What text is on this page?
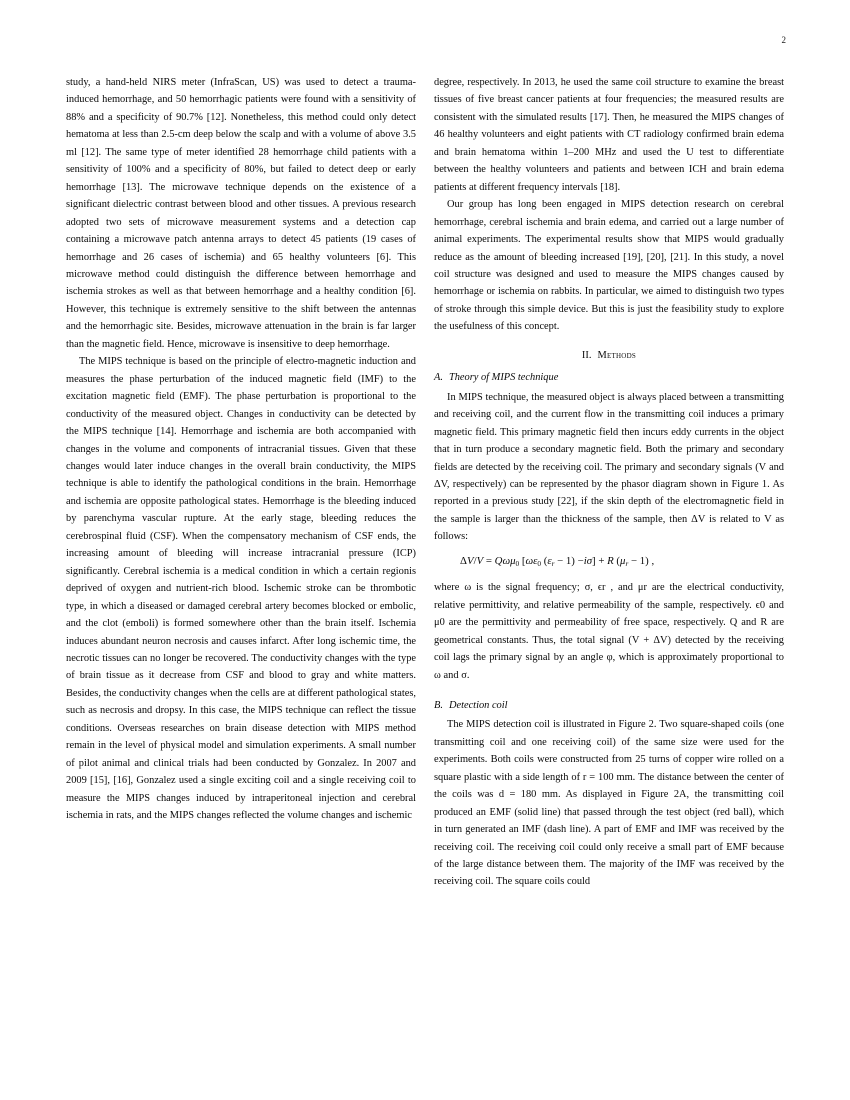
2

study, a hand-held NIRS meter (InfraScan, US) was used to detect a trauma-induced hemorrhage, and 50 hemorrhagic patients were found with a sensitivity of 88% and a specificity of 90.7% [12]. Nonetheless, this method could only detect hematoma at less than 2.5-cm deep below the scalp and with a volume of above 3.5 ml [12]. The same type of meter identified 28 hemorrhage child patients with a sensitivity of 100% and a specificity of 80%, but failed to detect deep or early hemorrhage [13]. The microwave technique depends on the existence of a significant dielectric contrast between blood and other tissues. A previous research adopted two sets of microwave measurement systems and a detection cap containing a microwave patch antenna arrays to detect 45 patients (19 cases of hemorrhage and 26 cases of ischemia) and 65 healthy volunteers [6]. This microwave method could distinguish the difference between hemorrhage and ischemia strokes as well as that between hemorrhage and a healthy condition [6]. However, this technique is extremely sensitive to the shift between the antennas and the hemorrhagic site. Besides, microwave attenuation in the brain is far larger than the magnetic field. Hence, microwave is insensitive to deep hemorrhage.

The MIPS technique is based on the principle of electro-magnetic induction and measures the phase perturbation of the induced magnetic field (IMF) to the excitation magnetic field (EMF). The phase perturbation is proportional to the conductivity of the measured object. Changes in conductivity can be detected by the MIPS technique [14]. Hemorrhage and ischemia are both accompanied with changes in the volume and components of intracranial tissues. Given that these changes would later induce changes in the overall brain conductivity, the MIPS technique is able to identify the pathological conditions in the brain. Hemorrhage and ischemia are opposite pathological states. Hemorrhage is the bleeding induced by parenchyma vascular rupture. At the early stage, bleeding reduces the cerebrospinal fluid (CSF). When the compensatory mechanism of CSF ends, the increasing amount of bleeding will increase intracranial pressure (ICP) significantly. Cerebral ischemia is a medical condition in which a certain regionis deprived of oxygen and nutrient-rich blood. Ischemic stroke can be thrombotic type, in which a diseased or damaged cerebral artery becomes blocked or embolic, and the clot (emboli) is formed somewhere other than the brain itself. Ischemia induces abundant neuron necrosis and causes infarct. After long ischemic time, the necrotic tissues can no longer be recovered. The conductivity changes with the type of brain tissue as it decrease from CSF and blood to gray and white matters. Besides, the conductivity changes when the cells are at different pathological states, such as necrosis and dropsy. In this case, the MIPS technique can reflect the tissue conditions. Overseas researches on brain disease detection with MIPS method remain in the level of physical model and simulation experiments. A small number of pilot animal and clinical trials had been conducted by Gonzalez. In 2007 and 2009 [15], [16], Gonzalez used a single exciting coil and a single receiving coil to measure the MIPS changes induced by intraperitoneal injection and cerebral ischemia in rats, and the MIPS changes reflected the volume changes and ischemic

degree, respectively. In 2013, he used the same coil structure to examine the breast tissues of five breast cancer patients at four frequencies; the measured results are consistent with the simulated results [17]. Then, he measured the MIPS changes of 46 healthy volunteers and eight patients with CT radiology confirmed brain edema and brain hematoma within 1–200 MHz and used the U test to differentiate between the healthy volunteers and patients and between ICH and brain edema patients at different frequency intervals [18].

Our group has long been engaged in MIPS detection research on cerebral hemorrhage, cerebral ischemia and brain edema, and carried out a large number of animal experiments. The experimental results show that MIPS would gradually reduce as the amount of bleeding increased [19], [20], [21]. In this study, a novel coil structure was designed and used to measure the MIPS changes caused by hemorrhage or ischemia on rabbits. In particular, we aimed to distinguish two types of stroke through this simple device. But this is just the feasibility study to explore the usefulness of this concept.

II. Methods

A. Theory of MIPS technique

In MIPS technique, the measured object is always placed between a transmitting and receiving coil, and the current flow in the transmitting coil induces a primary magnetic field. This primary magnetic field then incurs eddy currents in the object that in turn produce a secondary magnetic field. Both the primary and secondary fields are detected by the receiving coil. The primary and secondary signals (V and ΔV, respectively) can be represented by the phasor diagram shown in Figure 1. As reported in a previous study [22], if the skin depth of the electromagnetic field in the sample is larger than the thickness of the sample, then ΔV is related to V as follows:

ΔV/V = Qωμ$_0$ [$\omega\varepsilon_0$ $(\varepsilon_r - 1) -i\sigma] + R$ $(\mu_r - 1)$ ,

where ω is the signal frequency; σ, ϵr , and μr are the electrical conductivity, relative permittivity, and relative permeability of the sample, respectively. ϵ0 and μ0 are the permittivity and permeability of free space, respectively. Q and R are geometrical constants. Thus, the total signal (V + ΔV) detected by the receiving coil lags the primary signal by an angle φ, which is approximately proportional to ω and σ.

B. Detection coil

The MIPS detection coil is illustrated in Figure 2. Two square-shaped coils (one transmitting coil and one receiving coil) of the same size were used for the experiments. Both coils were constructed from 25 turns of copper wire rolled on a square plastic with a side length of r = 100 mm. The distance between the center of the coils was d = 180 mm. As displayed in Figure 2A, the transmitting coil produced an EMF (solid line) that passed through the test object (red ball), which in turn generated an IMF (dash line). A part of EMF and IMF was received by the receiving coil. The receiving coil could only receive a small part of EMF because of the large distance between them. The majority of the IMF was received by the receiving coil. The square coils could
